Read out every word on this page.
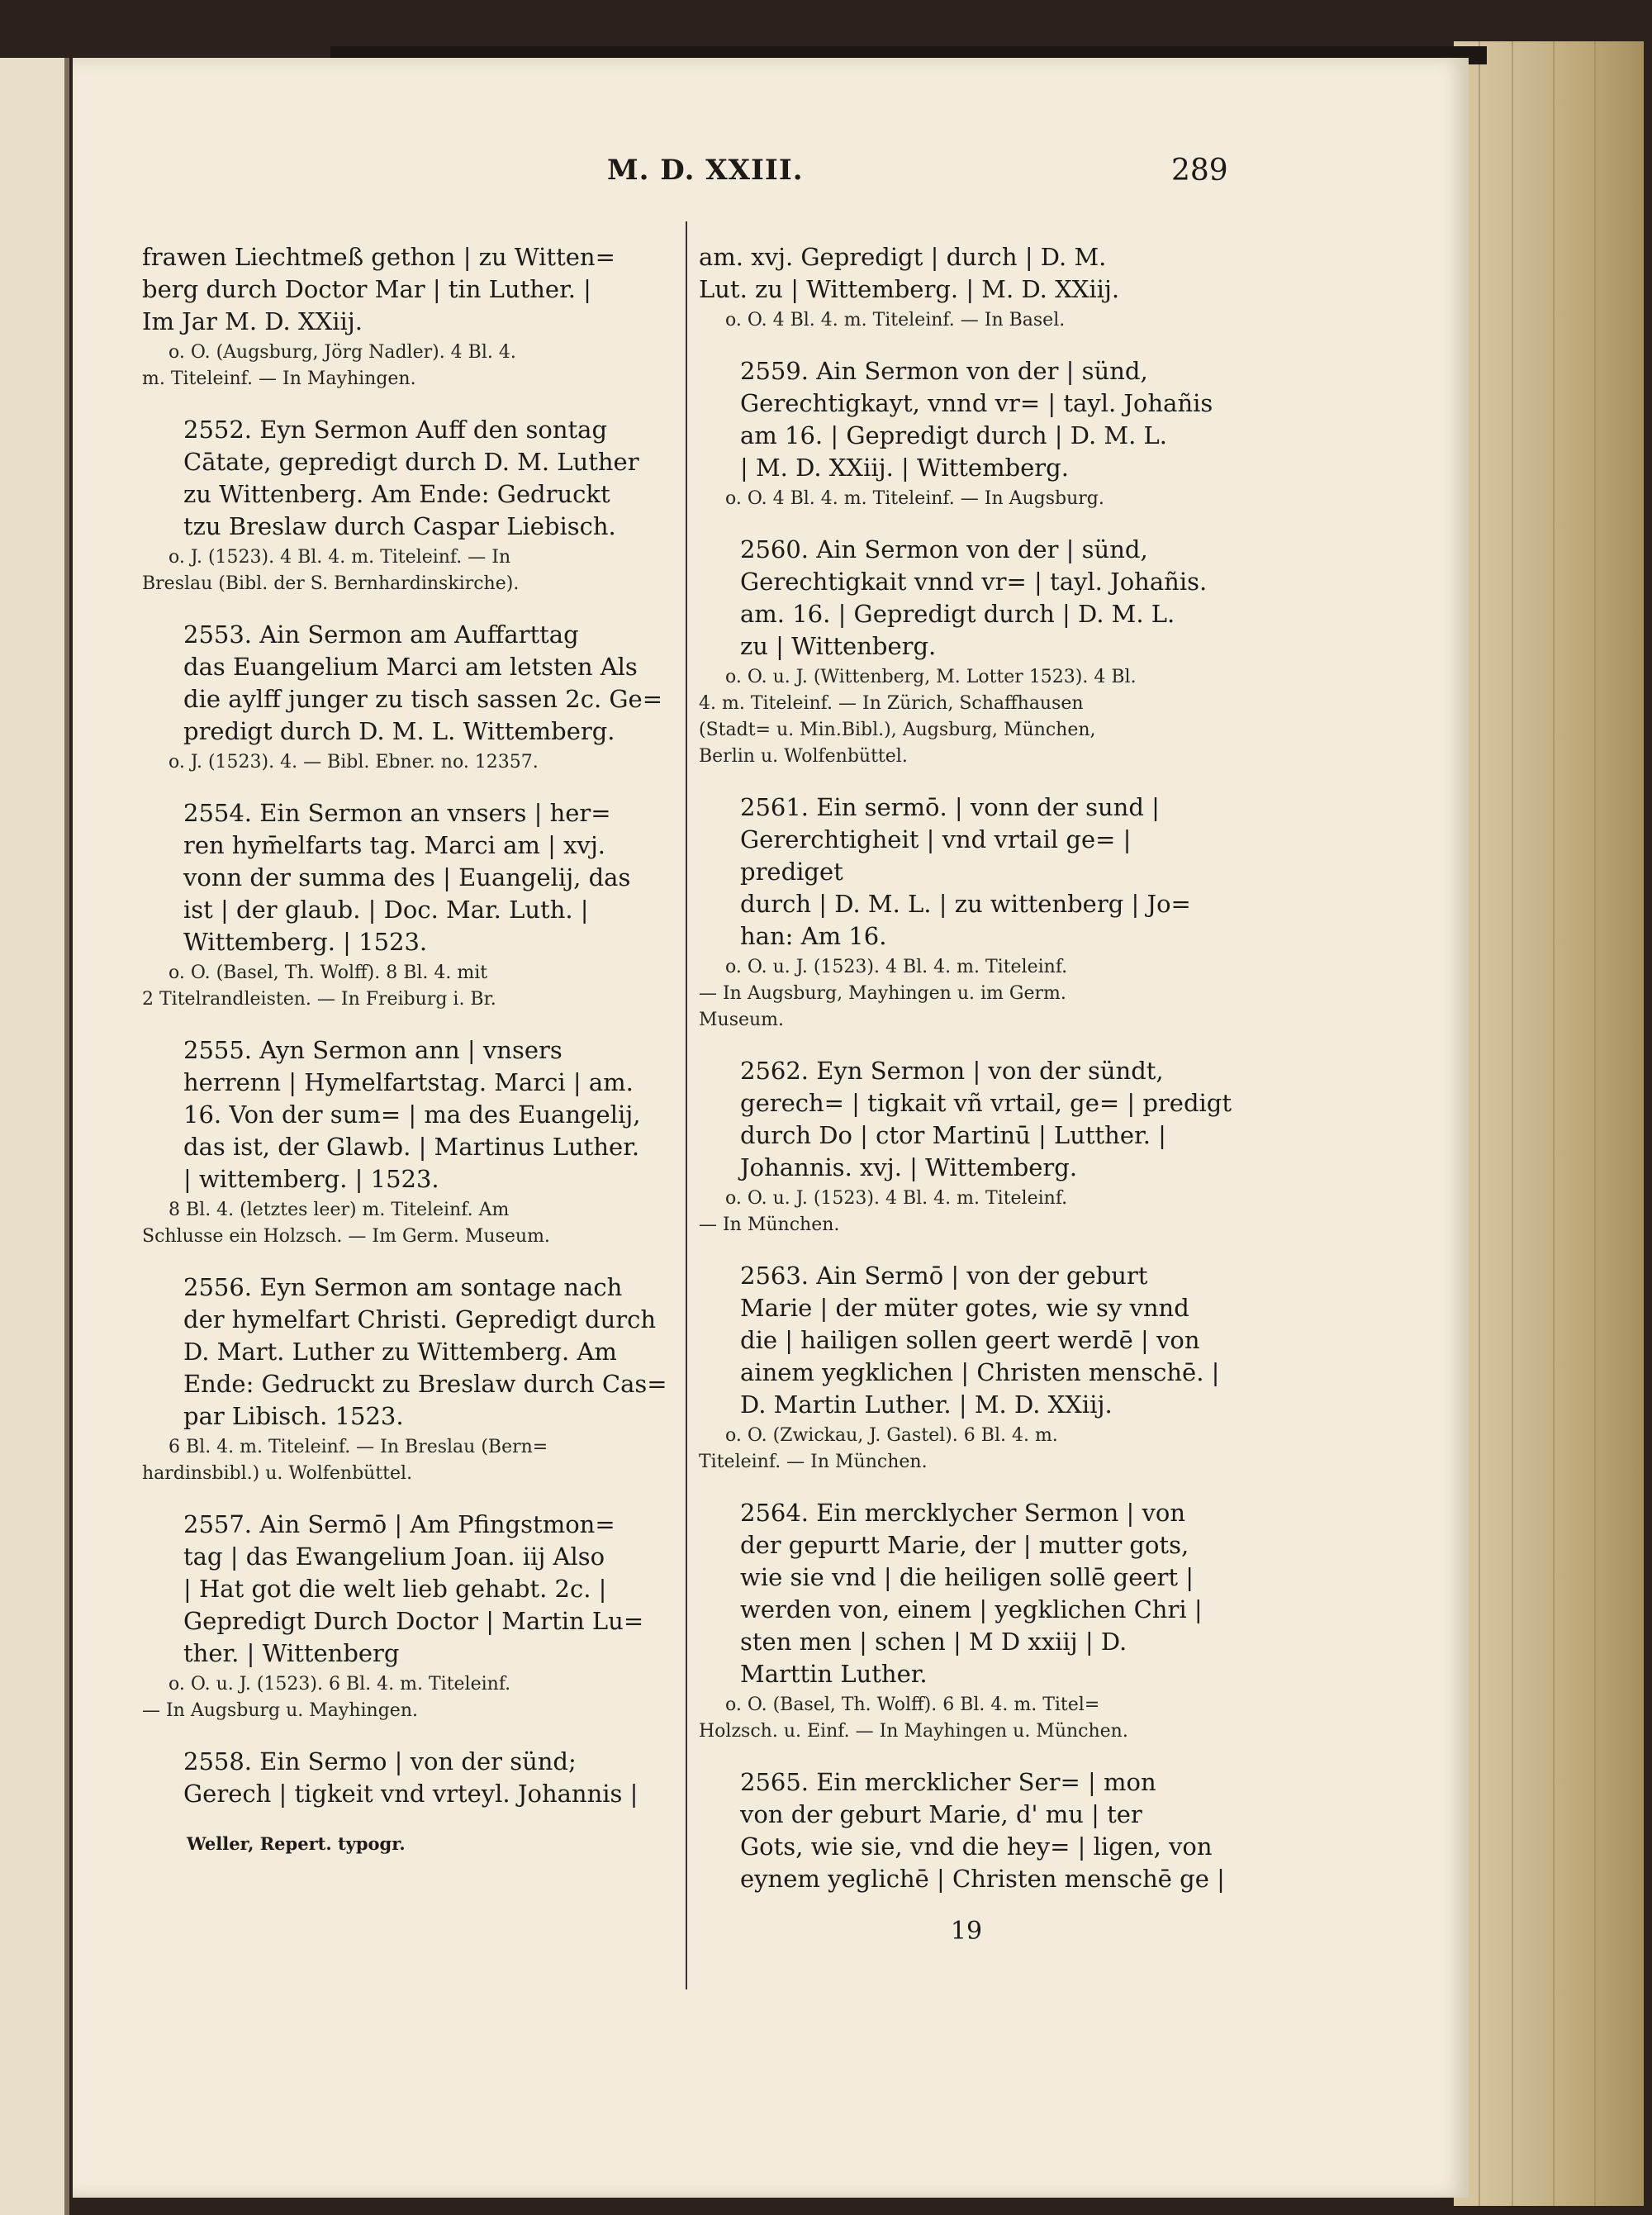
M. D. XXIII.	289
frawen Liechtmeß gethon | zu Witten=
berg durch Doctor Mar | tin Luther. |
Im Jar M. D. XXiij.
o. O. (Augsburg, Jörg Nadler). 4 Bl. 4.
m. Titeleinf. — In Mayhingen.
2552. Eyn Sermon Auff den sontag
Cātate, gepredigt durch D. M. Luther
zu Wittenberg. Am Ende: Gedruckt
tzu Breslaw durch Caspar Liebisch.
o. J. (1523). 4 Bl. 4. m. Titeleinf. — In
Breslau (Bibl. der S. Bernhardinskirche).
2553. Ain Sermon am Auffarttag
das Euangelium Marci am letsten Als
die aylff junger zu tisch sassen 2c. Ge=
predigt durch D. M. L. Wittemberg.
o. J. (1523). 4. — Bibl. Ebner. no. 12357.
2554. Ein Sermon an vnsers | her=
ren hym̄elfarts tag. Marci am | xvj.
vonn der summa des | Euangelij, das
ist | der glaub. | Doc. Mar. Luth. |
Wittemberg. | 1523.
o. O. (Basel, Th. Wolff). 8 Bl. 4. mit
2 Titelrandleisten. — In Freiburg i. Br.
2555. Ayn Sermon ann | vnsers
herrenn | Hymelfartstag. Marci | am.
16. Von der sum= | ma des Euangelij,
das ist, der Glawb. | Martinus Luther.
| wittemberg. | 1523.
8 Bl. 4. (letztes leer) m. Titeleinf. Am
Schlusse ein Holzsch. — Im Germ. Museum.
2556. Eyn Sermon am sontage nach
der hymelfart Christi. Gepredigt durch
D. Mart. Luther zu Wittemberg. Am
Ende: Gedruckt zu Breslaw durch Cas=
par Libisch. 1523.
6 Bl. 4. m. Titeleinf. — In Breslau (Bern=
hardinsbibl.) u. Wolfenbüttel.
2557. Ain Sermō | Am Pfingstmon=
tag | das Ewangelium Joan. iij Also
| Hat got die welt lieb gehabt. 2c. |
Gepredigt Durch Doctor | Martin Lu=
ther. | Wittenberg
o. O. u. J. (1523). 6 Bl. 4. m. Titeleinf.
— In Augsburg u. Mayhingen.
2558. Ein Sermo | von der sünd;
Gerech | tigkeit vnd vrteyl. Johannis |
Weller, Repert. typogr.
am. xvj. Gepredigt | durch | D. M.
Lut. zu | Wittemberg. | M. D. XXiij.
o. O. 4 Bl. 4. m. Titeleinf. — In Basel.
2559. Ain Sermon von der | sünd,
Gerechtigkayt, vnnd vr= | tayl. Johañis
am 16. | Gepredigt durch | D. M. L.
| M. D. XXiij. | Wittemberg.
o. O. 4 Bl. 4. m. Titeleinf. — In Augsburg.
2560. Ain Sermon von der | sünd,
Gerechtigkait vnnd vr= | tayl. Johañis.
am. 16. | Gepredigt durch | D. M. L.
zu | Wittenberg.
o. O. u. J. (Wittenberg, M. Lotter 1523). 4 Bl.
4. m. Titeleinf. — In Zürich, Schaffhausen
(Stadt= u. Min.Bibl.), Augsburg, München,
Berlin u. Wolfenbüttel.
2561. Ein sermō. | vonn der sund |
Gererchtigheit | vnd vrtail ge= | prediget
durch | D. M. L. | zu wittenberg | Jo=
han: Am 16.
o. O. u. J. (1523). 4 Bl. 4. m. Titeleinf.
— In Augsburg, Mayhingen u. im Germ.
Museum.
2562. Eyn Sermon | von der sündt,
gerech= | tigkait vñ vrtail, ge= | predigt
durch Do | ctor Martinū | Lutther. |
Johannis. xvj. | Wittemberg.
o. O. u. J. (1523). 4 Bl. 4. m. Titeleinf.
— In München.
2563. Ain Sermō | von der geburt
Marie | der müter gotes, wie sy vnnd
die | hailigen sollen geert werdē | von
ainem yegklichen | Christen menschē. |
D. Martin Luther. | M. D. XXiij.
o. O. (Zwickau, J. Gastel). 6 Bl. 4. m.
Titeleinf. — In München.
2564. Ein mercklycher Sermon | von
der gepurtt Marie, der | mutter gots,
wie sie vnd | die heiligen sollē geert |
werden von, einem | yegklichen Chri |
sten men | schen | M D xxiij | D.
Marttin Luther.
o. O. (Basel, Th. Wolff). 6 Bl. 4. m. Titel=
Holzsch. u. Einf. — In Mayhingen u. München.
2565. Ein mercklicher Ser= | mon
von der geburt Marie, d' mu | ter
Gots, wie sie, vnd die hey= | ligen, von
eynem yeglichē | Christen menschē ge |
19
